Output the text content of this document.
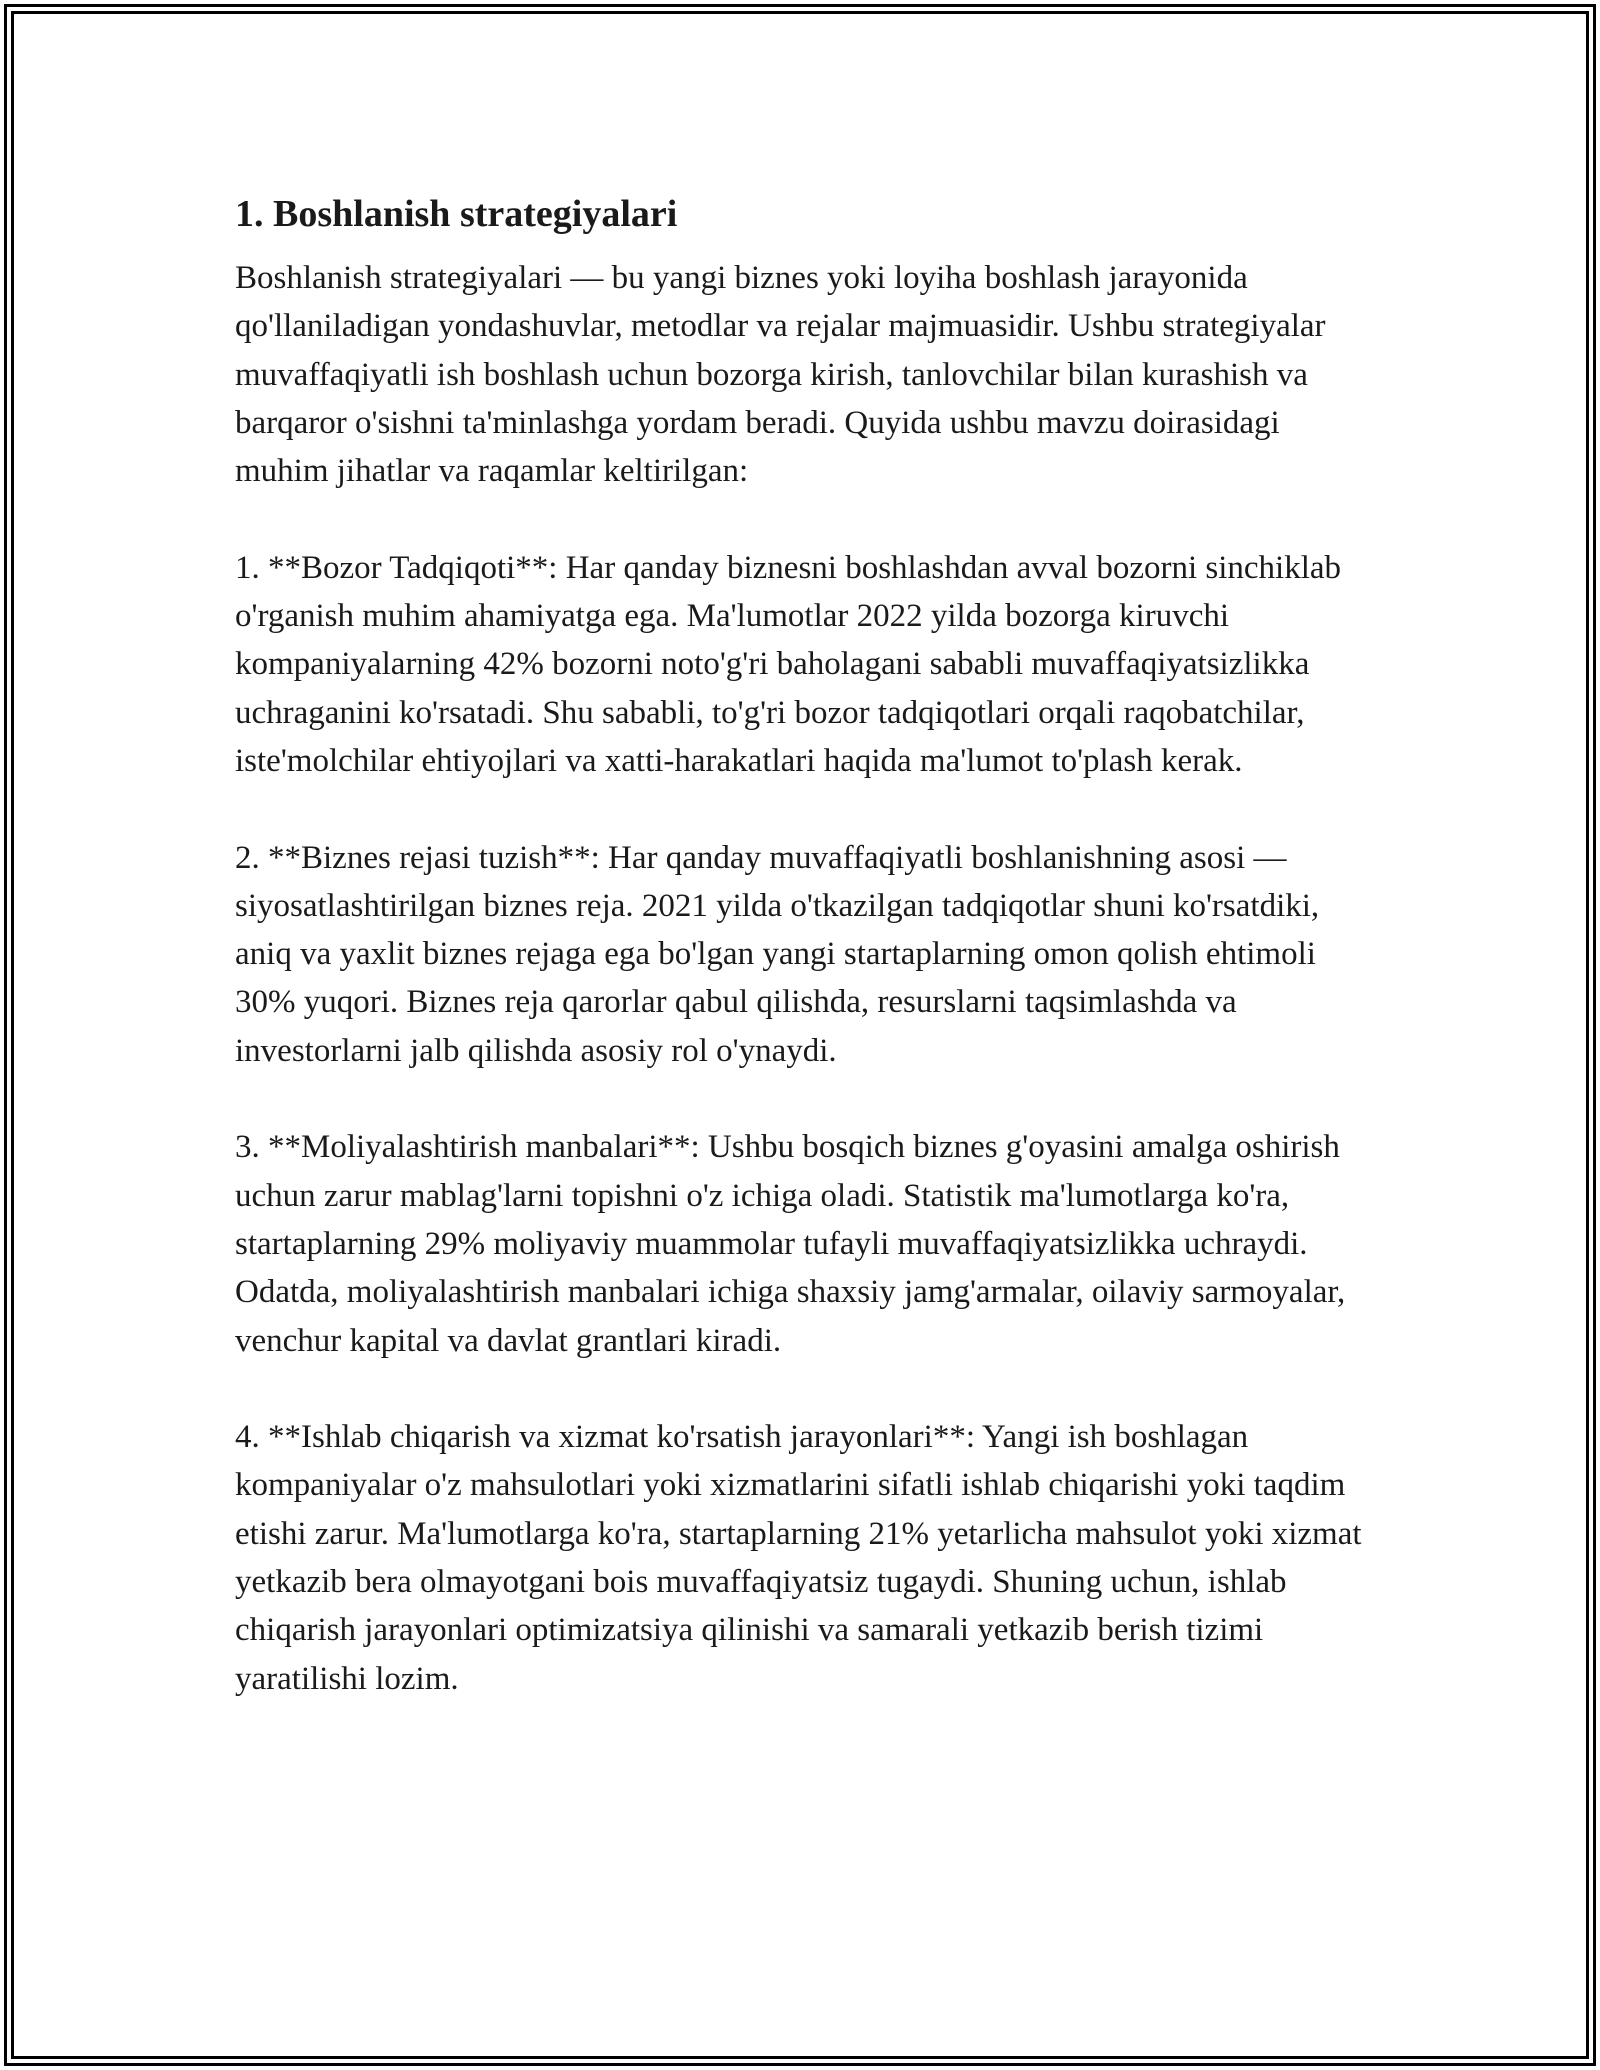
1. Boshlanish strategiyalari

Boshlanish strategiyalari — bu yangi biznes yoki loyiha boshlash jarayonida qo'llaniladigan yondashuvlar, metodlar va rejalar majmuasidir. Ushbu strategiyalar muvaffaqiyatli ish boshlash uchun bozorga kirish, tanlovchilar bilan kurashish va barqaror o'sishni ta'minlashga yordam beradi. Quyida ushbu mavzu doirasidagi muhim jihatlar va raqamlar keltirilgan:

1. **Bozor Tadqiqoti**: Har qanday biznesni boshlashdan avval bozorni sinchiklab o'rganish muhim ahamiyatga ega. Ma'lumotlar 2022 yilda bozorga kiruvchi kompaniyalarning 42% bozorni noto'g'ri baholagani sababli muvaffaqiyatsizlikka uchraganini ko'rsatadi. Shu sababli, to'g'ri bozor tadqiqotlari orqali raqobatchilar, iste'molchilar ehtiyojlari va xatti-harakatlari haqida ma'lumot to'plash kerak.

2. **Biznes rejasi tuzish**: Har qanday muvaffaqiyatli boshlanishning asosi — siyosatlashtirilgan biznes reja. 2021 yilda o'tkazilgan tadqiqotlar shuni ko'rsatdiki, aniq va yaxlit biznes rejaga ega bo'lgan yangi startaplarning omon qolish ehtimoli 30% yuqori. Biznes reja qarorlar qabul qilishda, resurslarni taqsimlashda va investorlarni jalb qilishda asosiy rol o'ynaydi.

3. **Moliyalashtirish manbalari**: Ushbu bosqich biznes g'oyasini amalga oshirish uchun zarur mablag'larni topishni o'z ichiga oladi. Statistik ma'lumotlarga ko'ra, startaplarning 29% moliyaviy muammolar tufayli muvaffaqiyatsizlikka uchraydi. Odatda, moliyalashtirish manbalari ichiga shaxsiy jamg'armalar, oilaviy sarmoyalar, venchur kapital va davlat grantlari kiradi.

4. **Ishlab chiqarish va xizmat ko'rsatish jarayonlari**: Yangi ish boshlagan kompaniyalar o'z mahsulotlari yoki xizmatlarini sifatli ishlab chiqarishi yoki taqdim etishi zarur. Ma'lumotlarga ko'ra, startaplarning 21% yetarlicha mahsulot yoki xizmat yetkazib bera olmayotgani bois muvaffaqiyatsiz tugaydi. Shuning uchun, ishlab chiqarish jarayonlari optimizatsiya qilinishi va samarali yetkazib berish tizimi yaratilishi lozim.
